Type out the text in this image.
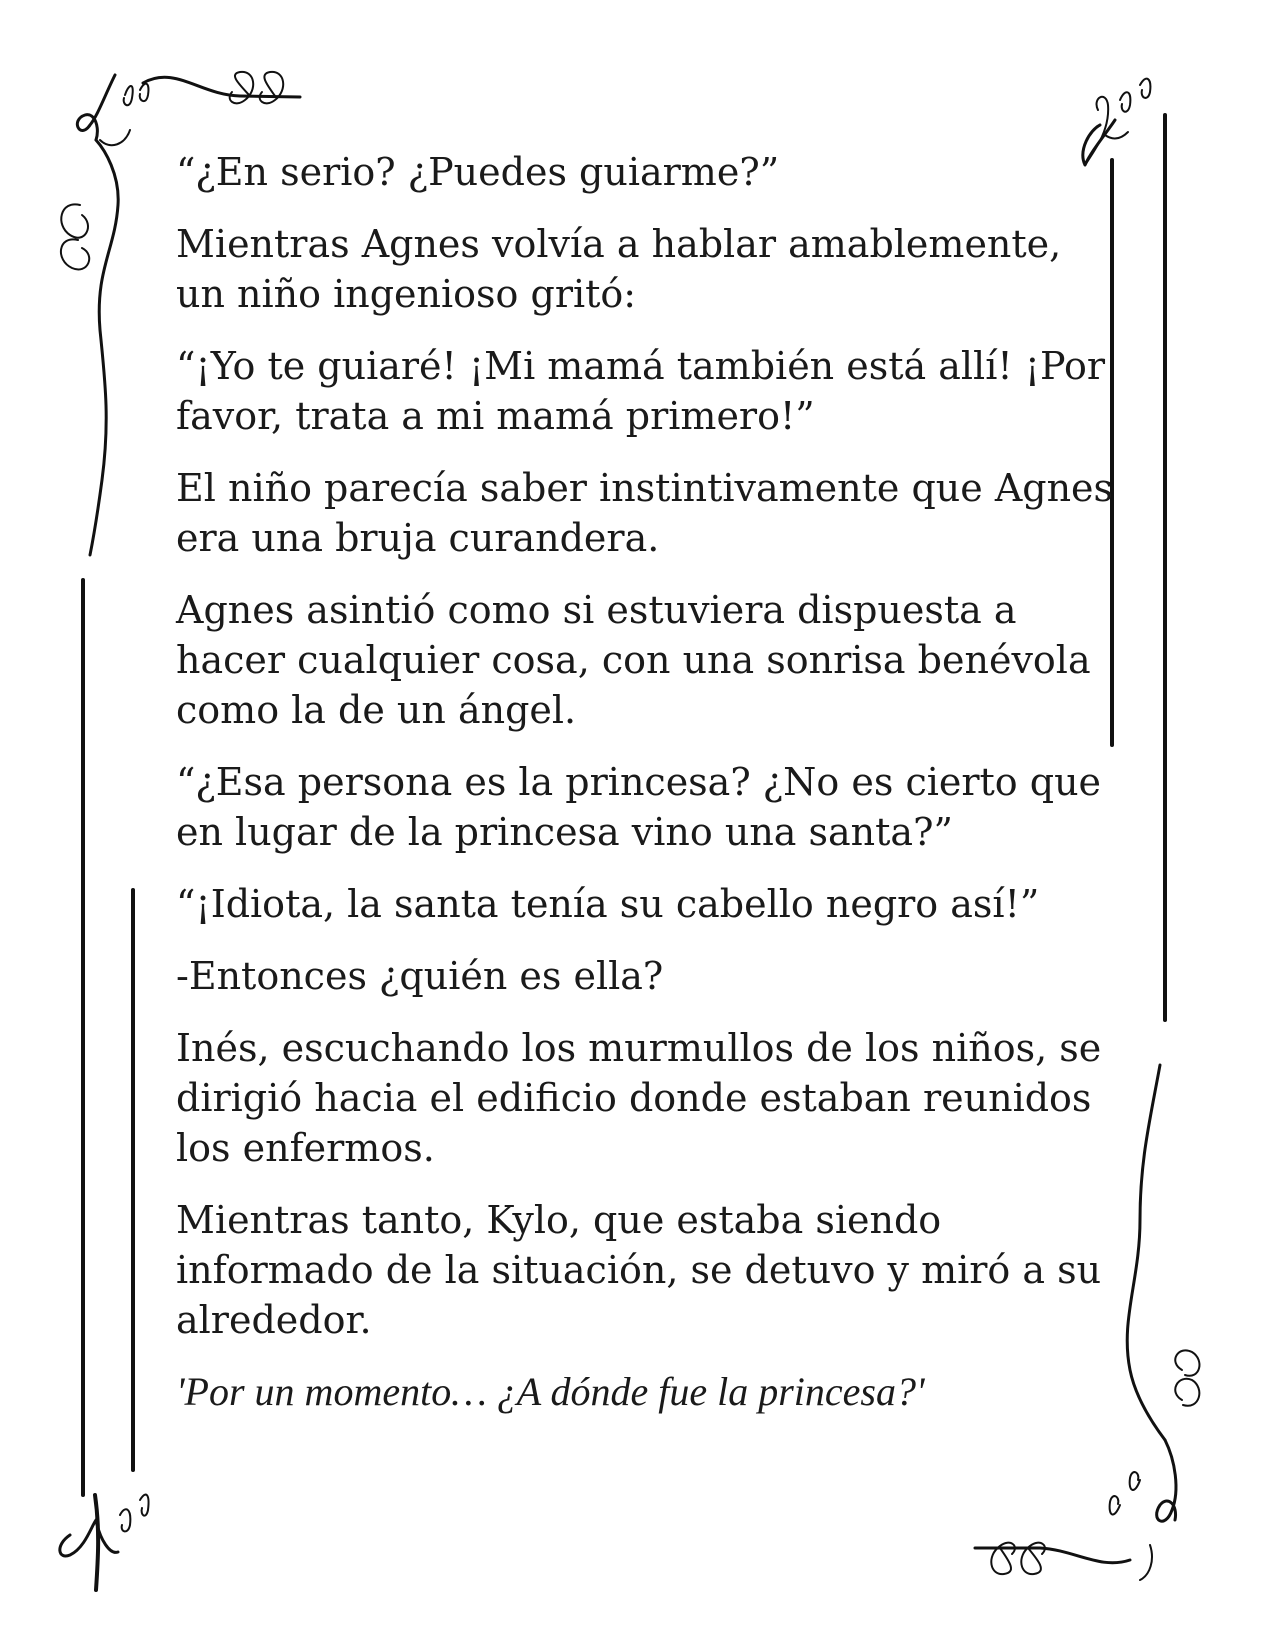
“¿En serio? ¿Puedes guiarme?”

Mientras Agnes volvía a hablar amablemente, un niño ingenioso gritó:

“¡Yo te guiaré! ¡Mi mamá también está allí! ¡Por favor, trata a mi mamá primero!”

El niño parecía saber instintivamente que Agnes era una bruja curandera.

Agnes asintió como si estuviera dispuesta a hacer cualquier cosa, con una sonrisa benévola como la de un ángel.

“¿Esa persona es la princesa? ¿No es cierto que en lugar de la princesa vino una santa?”

“¡Idiota, la santa tenía su cabello negro así!”

-Entonces ¿quién es ella?

Inés, escuchando los murmullos de los niños, se dirigió hacia el edificio donde estaban reunidos los enfermos.

Mientras tanto, Kylo, que estaba siendo informado de la situación, se detuvo y miró a su alrededor.

'Por un momento… ¿A dónde fue la princesa?'
